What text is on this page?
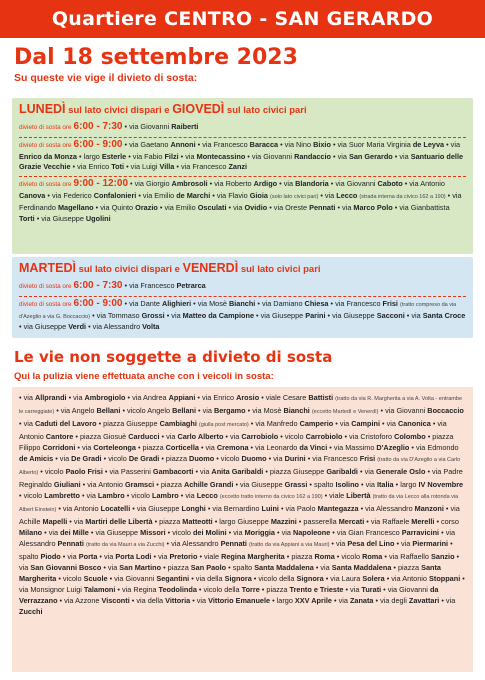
Quartiere CENTRO - SAN GERARDO
Dal 18 settembre 2023
Su queste vie vige il divieto di sosta:
LUNEDÌ sul lato civici dispari e GIOVEDÌ sul lato civici pari
divieto di sosta ore 6:00 - 7:30 • via Giovanni Raiberti
divieto di sosta ore 6:00 - 9:00 • via Gaetano Annoni • via Francesco Baracca • via Nino Bixio • via Suor Maria Virginia de Leyva • via Enrico da Monza • largo Esterle • via Fabio Filzi • via Montecassino • via Giovanni Randaccio • via San Gerardo • via Santuario delle Grazie Vecchie • via Enrico Toti • via Luigi Villa • via Francesco Zanzi
divieto di sosta ore 9:00 - 12:00 • via Giorgio Ambrosoli • via Roberto Ardigo • via Blandoria • via Giovanni Caboto • via Antonio Canova • via Federico Confalonieri • via Emilio de Marchi • via Flavio Gioia (solo lato civici pari) • via Lecco (strada interna da civico 162 a 190) • via Ferdinando Magellano • via Quinto Orazio • via Emilio Osculati • via Ovidio • via Oreste Pennati • via Marco Polo • via Gianbattista Torti • via Giuseppe Ugolini
MARTEDÌ sul lato civici dispari e VENERDÌ sul lato civici pari
divieto di sosta ore 6:00 - 7:30 • via Francesco Petrarca
divieto di sosta ore 6:00 - 9:00 • via Dante Alighieri • via Mosè Bianchi • via Damiano Chiesa • via Francesco Frisi (tratto compreso da via d'Azeglio a via G. Boccaccio) • via Tommaso Grossi • via Matteo da Campione • via Giuseppe Parini • via Giuseppe Sacconi • via Santa Croce • via Giuseppe Verdi • via Alessandro Volta
Le vie non soggette a divieto di sosta
Qui la pulizia viene effettuata anche con i veicoli in sosta:
• via Allprandi • via Ambrogiolo • via Andrea Appiani • via Enrico Arosio • viale Cesare Battisti (tratto da via R. Margherita a via A. Volta - entrambe le carreggiate) • via Angelo Bellani • vicolo Angelo Bellani • via Bergamo • via Mosè Bianchi (eccetto Martedì e Venerdì) • via Giovanni Boccaccio • via Caduti del Lavoro • piazza Giuseppe Cambiaghi (giulla post mercato) • via Manfredo Camperio • via Campini • via Canonica • via Antonio Cantore • piazza Giosuè Carducci • via Carlo Alberto • via Carrobiolo • vicolo Carrobiolo • via Cristoforo Colombo • piazza Filippo Corridoni • via Corteleonga • piazza Corticella • via Cremona • via Leonardo da Vinci • via Massimo D'Azeglio • via Edmondo de Amicis • via De Gradi • vicolo De Gradi • piazza Duomo • vicolo Duomo • via Durini • via Francesco Frisi (tratto da via D'Azeglio a via Carlo Alberto) • vicolo Paolo Frisi • via Passerini Gambacorti • via Anita Garibaldi • piazza Giuseppe Garibaldi • via Generale Oslo • via Padre Reginaldo Giuliani • via Antonio Gramsci • piazza Achille Grandi • via Giuseppe Grassi • spalto Isolino • via Italia • largo IV Novembre • vicolo Lambretto • via Lambro • vicolo Lambro • via Lecco (eccetto tratto interno da civico 162 a 190) • viale Libertà (tratto da via Lecco alla rotonda via Albert Einstein) • via Antonio Locatelli • via Giuseppe Longhi • via Bernardino Luini • via Paolo Mantegazza • via Alessandro Manzoni • via Achille Mapelli • via Martiri delle Libertà • piazza Matteotti • largo Giuseppe Mazzini • passerella Mercati • via Raffaele Merelli • corso Milano • via dei Mille • via Giuseppe Missori • vicolo dei Molini • via Moriggia • via Napoleone • via Gian Francesco Parravicini • via Alessandro Pennati (tratto da via Mauri a via Zucchi) • via Alessandro Pennati (tratto da via Appiani a via Mauri) • via Pesa del Lino • via Piermarini • spalto Piodo • via Porta • via Porta Lodi • via Pretorio • viale Regina Margherita • piazza Roma • vicolo Roma • via Raffaello Sanzio • via San Giovanni Bosco • via San Martino • piazza San Paolo • spalto Santa Maddalena • via Santa Maddalena • piazza Santa Margherita • vicolo Scuole • via Giovanni Segantini • via della Signora • vicolo della Signora • via Laura Solera • via Antonio Stoppani • via Monsignor Luigi Talamoni • via Regina Teodolinda • vicolo della Torre • piazza Trento e Trieste • via Turati • via Giovanni da Verrazzano • via Azzone Visconti • via della Vittoria • via Vittorio Emanuele • largo XXV Aprile • via Zanata • via degli Zavattari • via Zucchi
